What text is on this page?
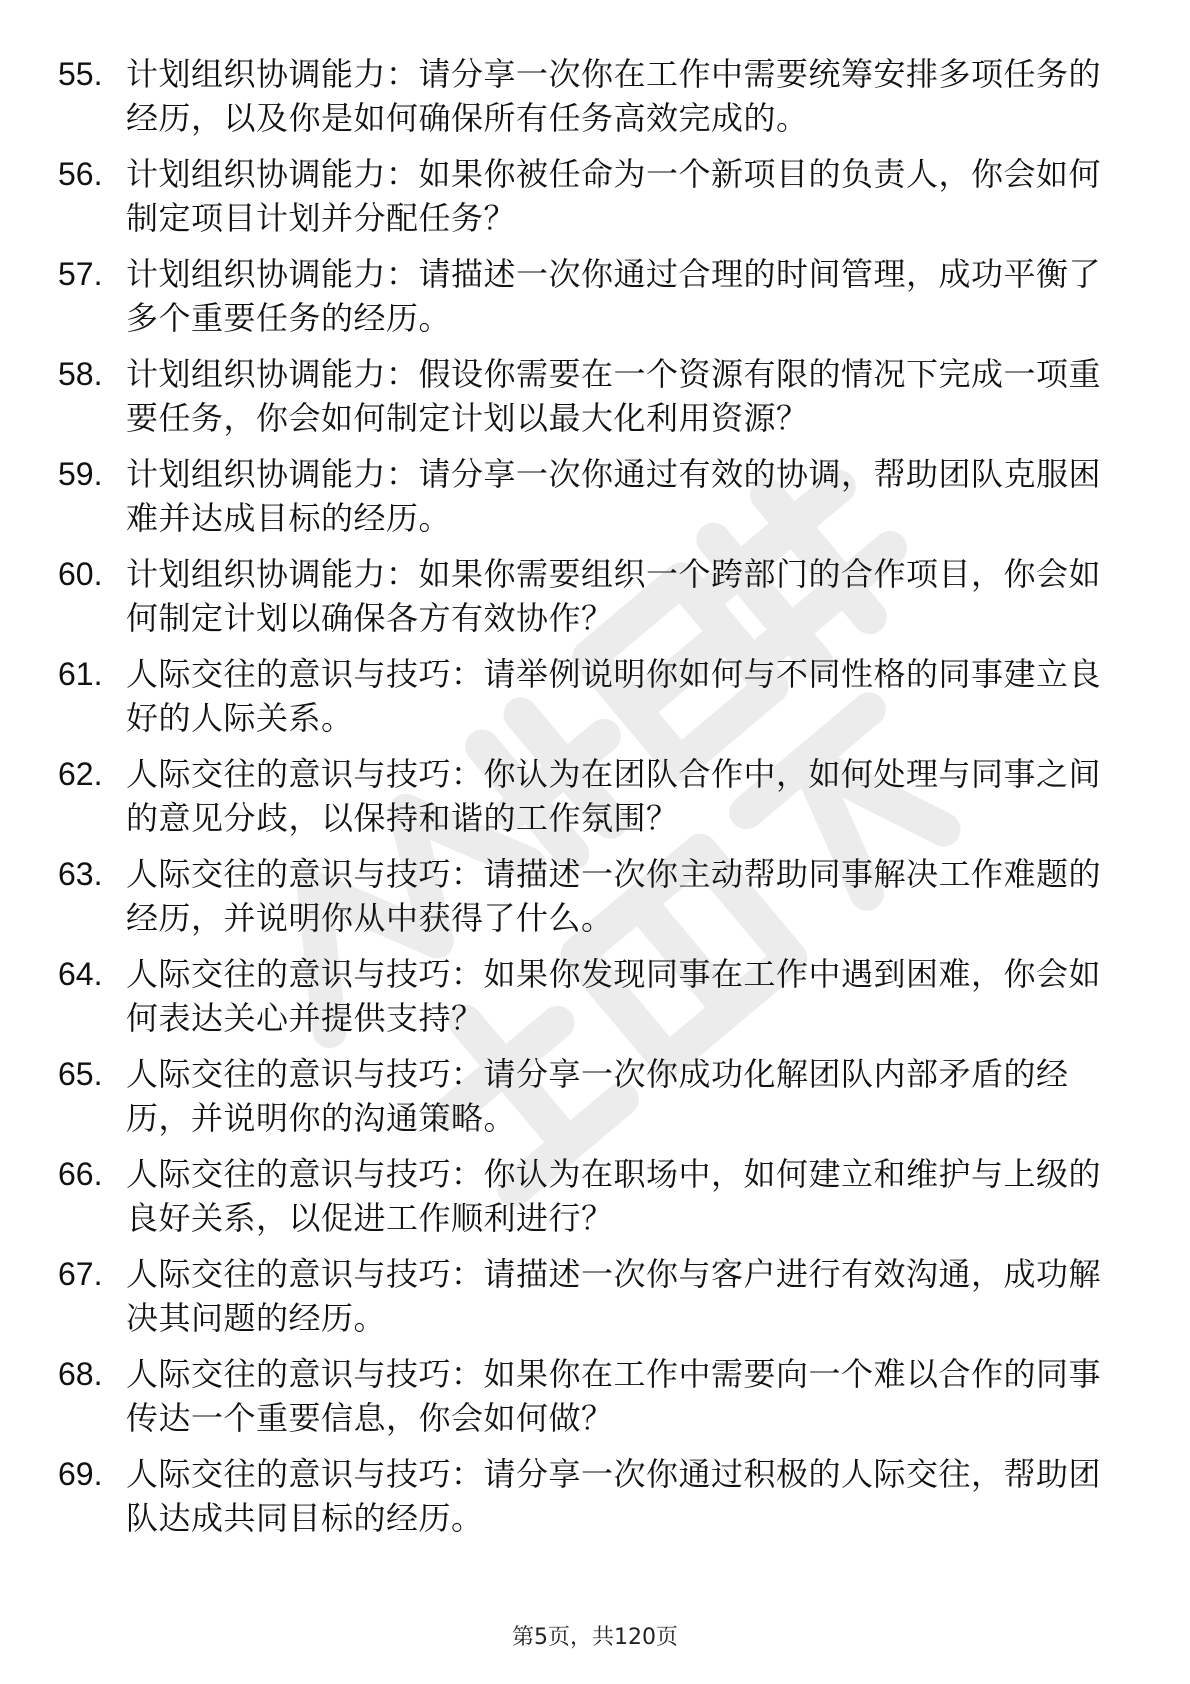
55. 计划组织协调能力：请分享一次你在工作中需要统筹安排多项任务的经历，以及你是如何确保所有任务高效完成的。
56. 计划组织协调能力：如果你被任命为一个新项目的负责人，你会如何制定项目计划并分配任务？
57. 计划组织协调能力：请描述一次你通过合理的时间管理，成功平衡了多个重要任务的经历。
58. 计划组织协调能力：假设你需要在一个资源有限的情况下完成一项重要任务，你会如何制定计划以最大化利用资源？
59. 计划组织协调能力：请分享一次你通过有效的协调，帮助团队克服困难并达成目标的经历。
60. 计划组织协调能力：如果你需要组织一个跨部门的合作项目，你会如何制定计划以确保各方有效协作？
61. 人际交往的意识与技巧：请举例说明你如何与不同性格的同事建立良好的人际关系。
62. 人际交往的意识与技巧：你认为在团队合作中，如何处理与同事之间的意见分歧，以保持和谐的工作氛围？
63. 人际交往的意识与技巧：请描述一次你主动帮助同事解决工作难题的经历，并说明你从中获得了什么。
64. 人际交往的意识与技巧：如果你发现同事在工作中遇到困难，你会如何表达关心并提供支持？
65. 人际交往的意识与技巧：请分享一次你成功化解团队内部矛盾的经历，并说明你的沟通策略。
66. 人际交往的意识与技巧：你认为在职场中，如何建立和维护与上级的良好关系，以促进工作顺利进行？
67. 人际交往的意识与技巧：请描述一次你与客户进行有效沟通，成功解决其问题的经历。
68. 人际交往的意识与技巧：如果你在工作中需要向一个难以合作的同事传达一个重要信息，你会如何做？
69. 人际交往的意识与技巧：请分享一次你通过积极的人际交往，帮助团队达成共同目标的经历。
第5页，共120页
